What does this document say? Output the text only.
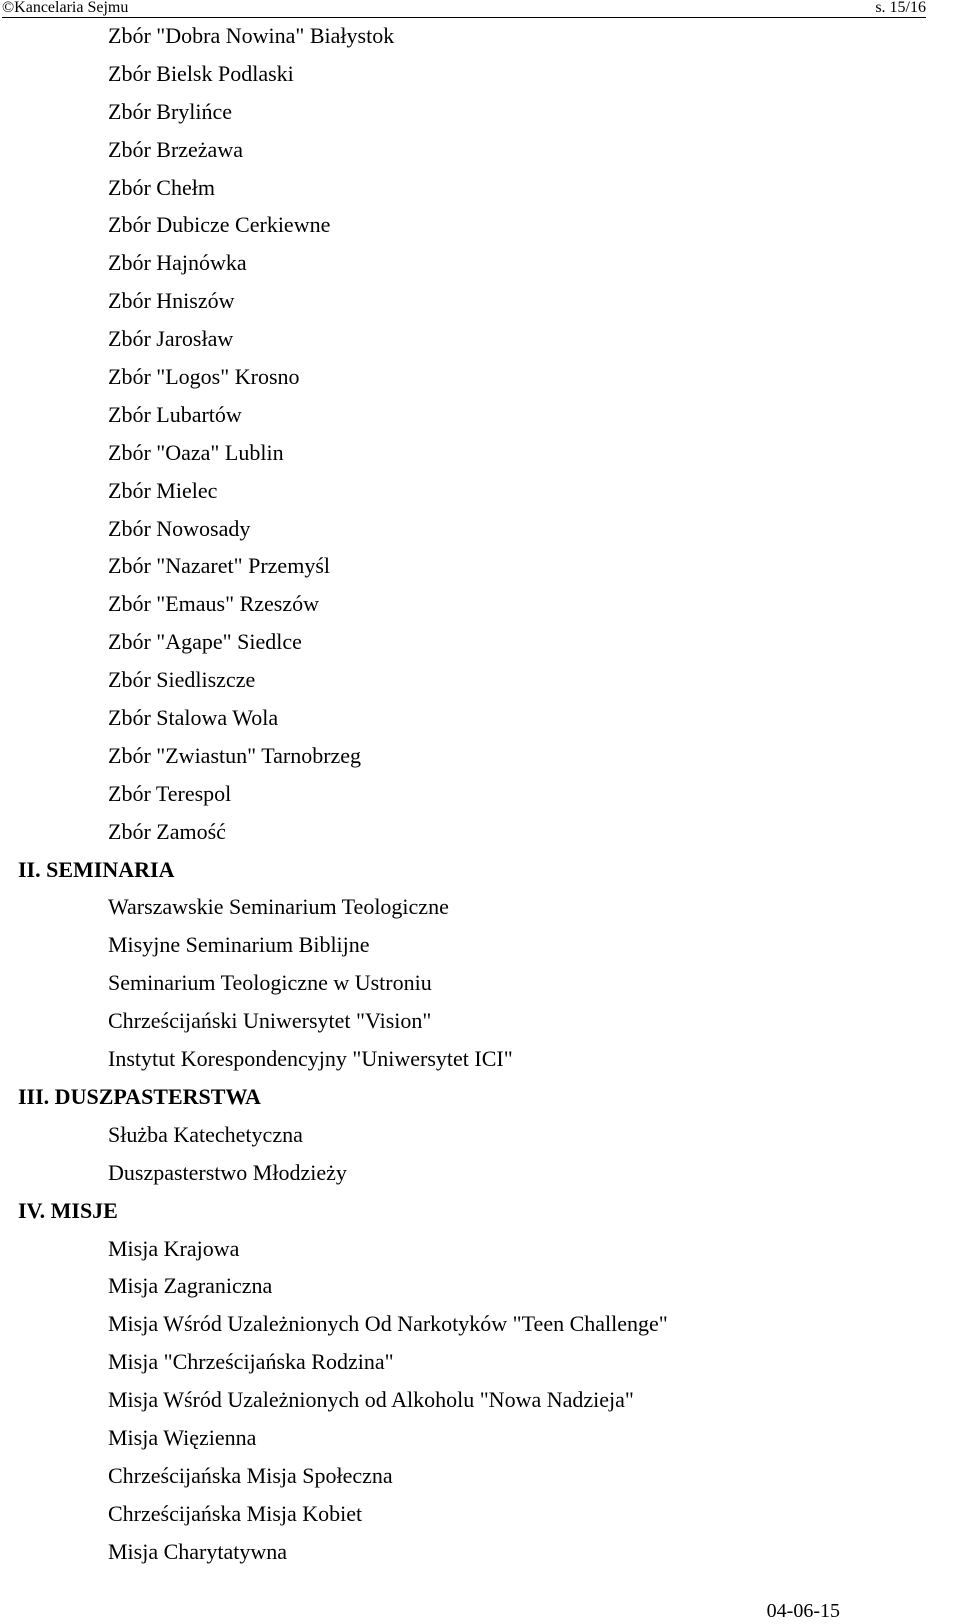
©Kancelaria Sejmu	s. 15/16
Zbór "Dobra Nowina" Białystok
Zbór Bielsk Podlaski
Zbór Brylińce
Zbór Brzeżawa
Zbór Chełm
Zbór Dubicze Cerkiewne
Zbór Hajnówka
Zbór Hniszów
Zbór Jarosław
Zbór "Logos" Krosno
Zbór Lubartów
Zbór "Oaza" Lublin
Zbór Mielec
Zbór Nowosady
Zbór "Nazaret" Przemyśl
Zbór "Emaus" Rzeszów
Zbór "Agape" Siedlce
Zbór Siedliszcze
Zbór Stalowa Wola
Zbór "Zwiastun" Tarnobrzeg
Zbór Terespol
Zbór Zamość
II. SEMINARIA
Warszawskie Seminarium Teologiczne
Misyjne Seminarium Biblijne
Seminarium Teologiczne w Ustroniu
Chrześcijański Uniwersytet "Vision"
Instytut Korespondencyjny "Uniwersytet ICI"
III. DUSZPASTERSTWA
Służba Katechetyczna
Duszpasterstwo Młodzieży
IV. MISJE
Misja Krajowa
Misja Zagraniczna
Misja Wśród Uzależnionych Od Narkotyków "Teen Challenge"
Misja "Chrześcijańska Rodzina"
Misja Wśród Uzależnionych od Alkoholu "Nowa Nadzieja"
Misja Więzienna
Chrześcijańska Misja Społeczna
Chrześcijańska Misja Kobiet
Misja Charytatywna
04-06-15
